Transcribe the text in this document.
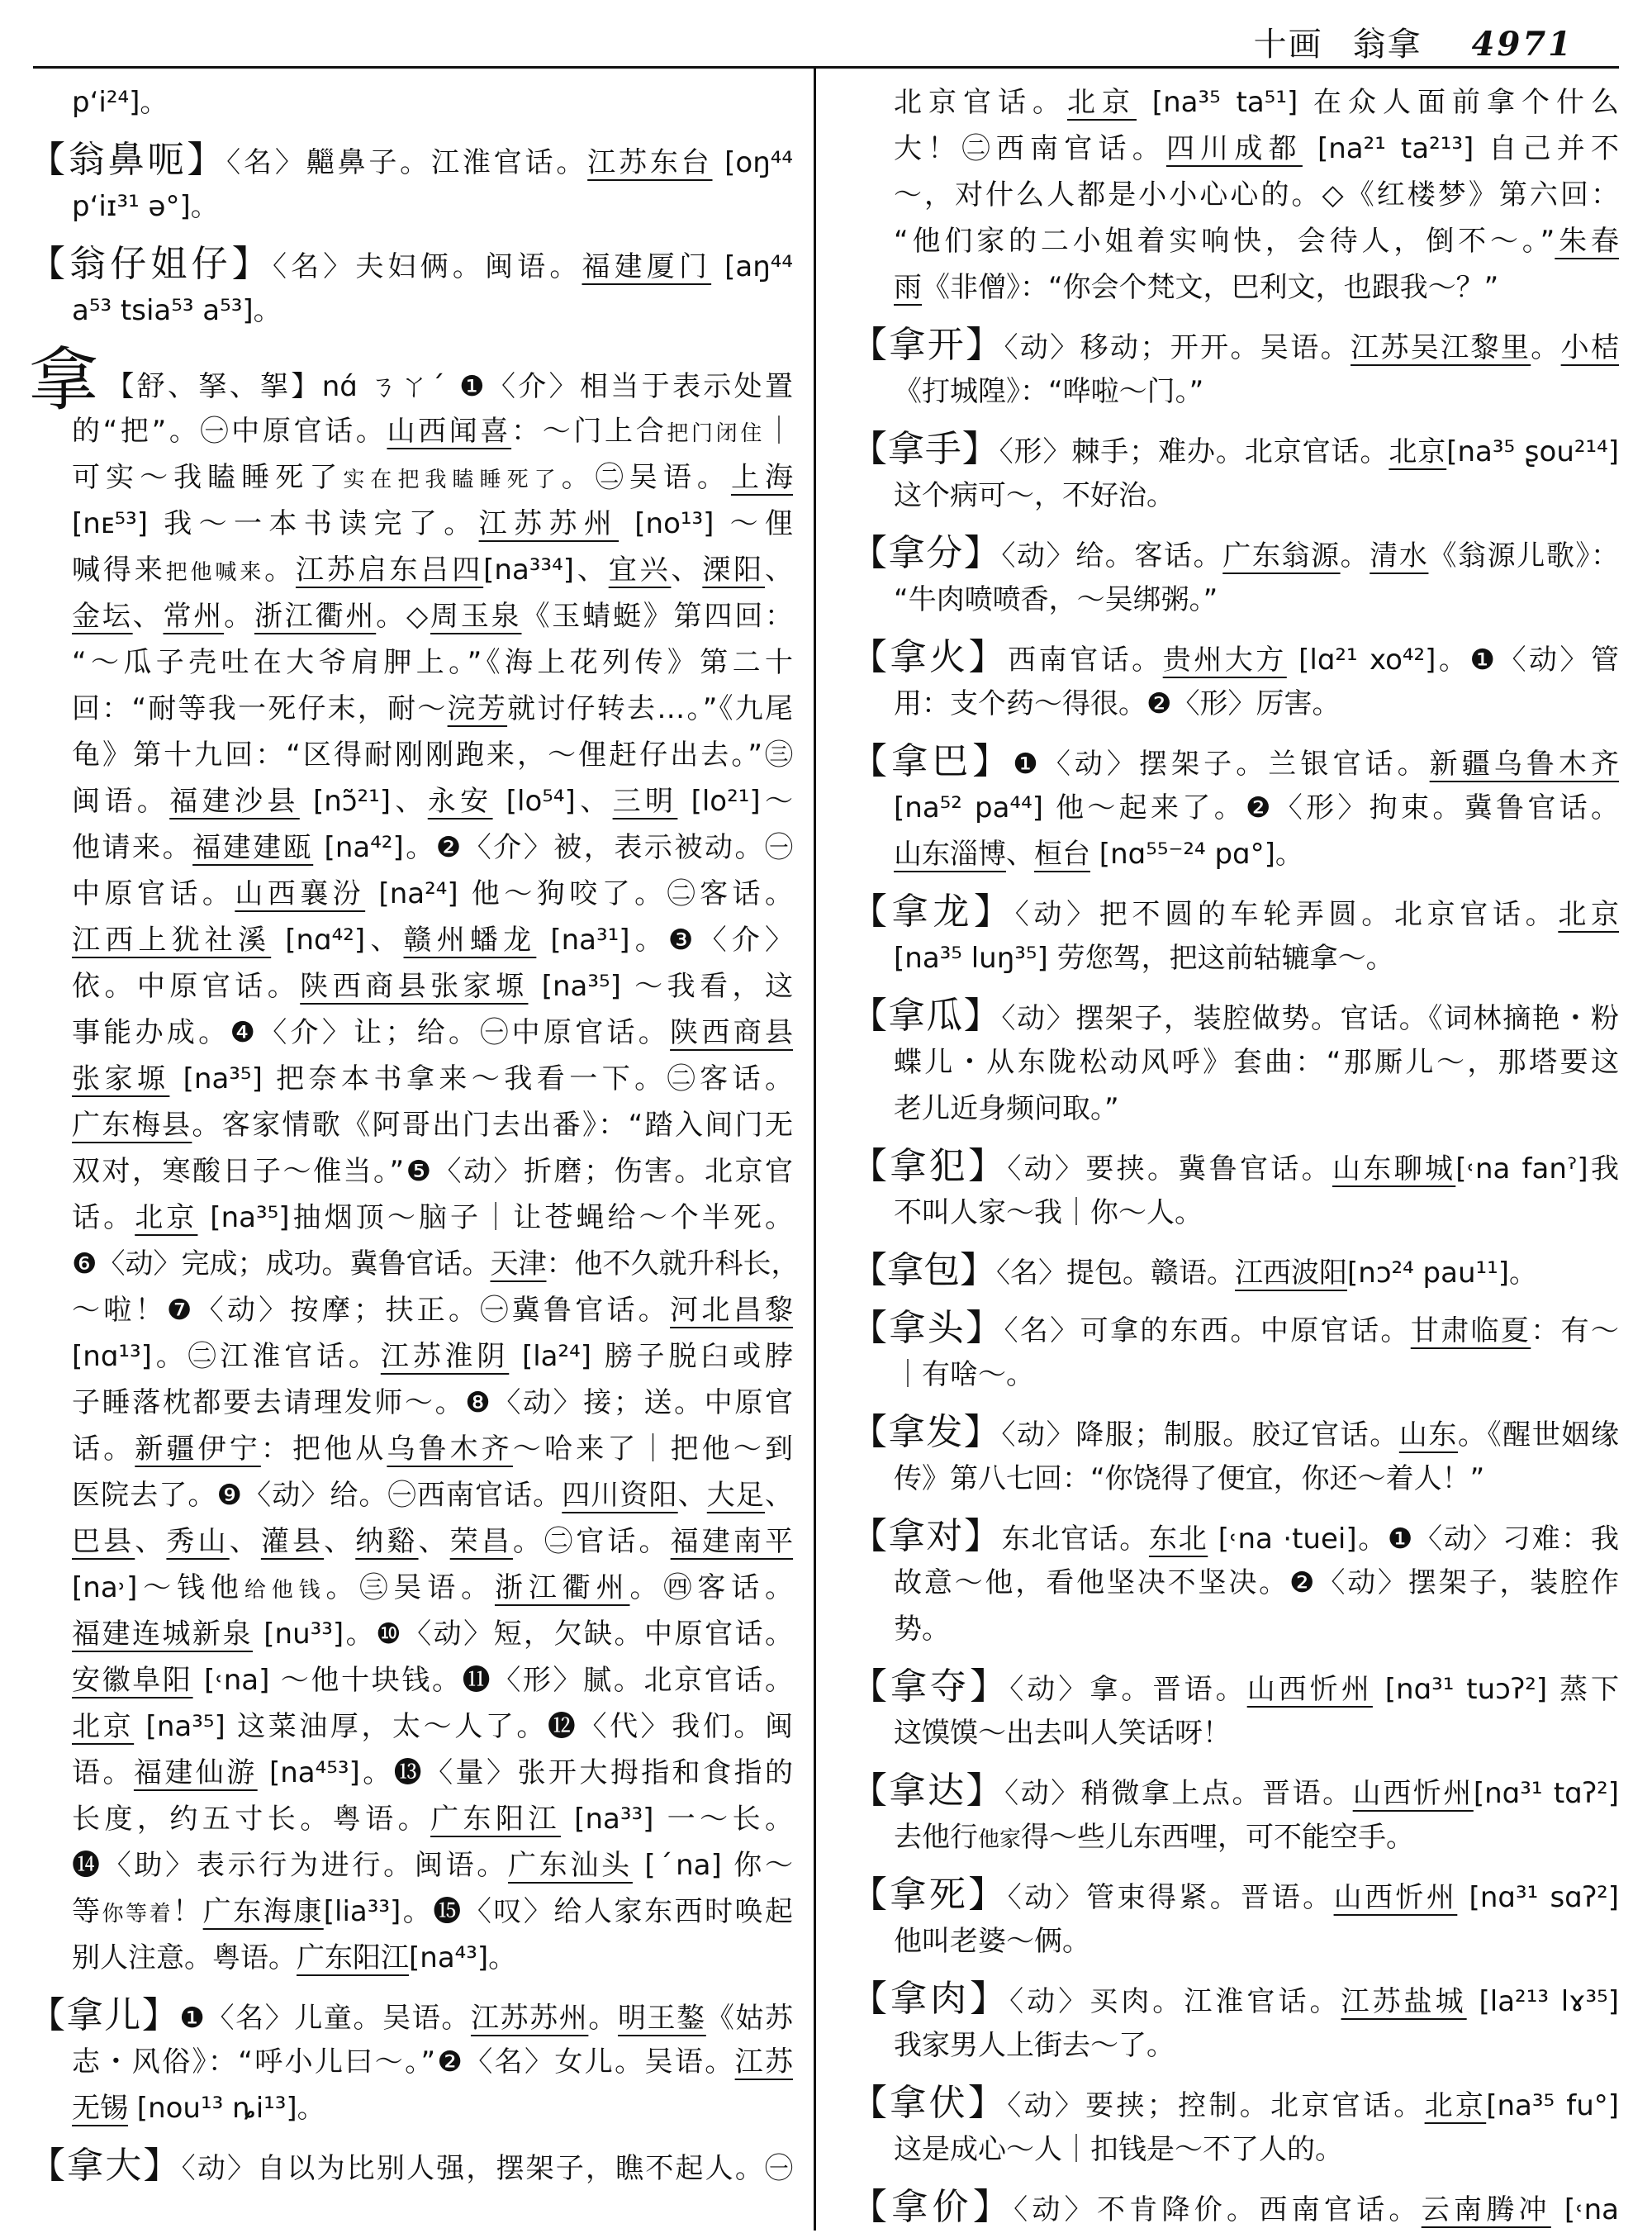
十画 翁拿 4971
p‘i²⁴]。
【翁鼻呃】〈名〉齆鼻子。江淮官话。江苏东台 [oŋ⁴⁴
p‘iɪ³¹ ə°]。
【翁仔姐仔】〈名〉夫妇俩。闽语。福建厦门 [aŋ⁴⁴
a⁵³ tsia⁵³ a⁵³]。
拿 【舒、拏、挐】nɑ́ ㄋㄚˊ ❶〈介〉相当于表示处置
的“把”。㊀中原官话。山西闻喜：～门上合把门闭住｜
可实～我瞌睡死了实在把我瞌睡死了。㊁吴语。上海
[nᴇ⁵³] 我～一本书读完了。江苏苏州 [no¹³] ～俚
喊得来把他喊来。江苏启东吕四[na³³⁴]、宜兴、溧阳、
金坛、常州。浙江衢州。◇周玉泉《玉蜻蜓》第四回：
“～瓜子壳吐在大爷肩胛上。”《海上花列传》第二十
回：“耐等我一死仔末，耐～浣芳就讨仔转去…。”《九尾
龟》第十九回：“区得耐刚刚跑来，～俚赶仔出去。”㊂
闽语。福建沙县 [nɔ̃²¹]、永安 [lo⁵⁴]、三明 [lo²¹]～
他请来。福建建瓯 [na⁴²]。❷〈介〉被，表示被动。㊀
中原官话。山西襄汾 [na²⁴] 他～狗咬了。㊁客话。
江西上犹社溪 [nɑ⁴²]、赣州蟠龙 [na³¹]。❸〈介〉
依。中原官话。陕西商县张家塬 [na³⁵] ～我看，这
事能办成。❹〈介〉让；给。㊀中原官话。陕西商县
张家塬 [na³⁵] 把奈本书拿来～我看一下。㊁客话。
广东梅县。客家情歌《阿哥出门去出番》：“踏入间门无
双对，寒酸日子～倠当。”❺〈动〉折磨；伤害。北京官
话。北京 [na³⁵]抽烟顶～脑子｜让苍蝇给～个半死。
❻〈动〉完成；成功。冀鲁官话。天津：他不久就升科长，
～啦！❼〈动〉按摩；扶正。㊀冀鲁官话。河北昌黎
[nɑ¹³]。㊁江淮官话。江苏淮阴 [la²⁴] 膀子脱臼或脖
子睡落枕都要去请理发师～。❽〈动〉接；送。中原官
话。新疆伊宁：把他从乌鲁木齐～哈来了｜把他～到
医院去了。❾〈动〉给。㊀西南官话。四川资阳、大足、
巴县、秀山、灌县、纳谿、荣昌。㊁官话。福建南平
[na˒]～钱他给他钱。㊂吴语。浙江衢州。㊃客话。
福建连城新泉 [nu³³]。❿〈动〉短，欠缺。中原官话。
安徽阜阳 [˓na] ～他十块钱。⓫〈形〉腻。北京官话。
北京 [na³⁵] 这菜油厚，太～人了。⓬〈代〉我们。闽
语。福建仙游 [na⁴⁵³]。⓭〈量〉张开大拇指和食指的
长度，约五寸长。粤语。广东阳江 [na³³] 一～长。
⓮〈助〉表示行为进行。闽语。广东汕头 [ˊna] 你～
等你等着！广东海康[lia³³]。⓯〈叹〉给人家东西时唤起
别人注意。粤语。广东阳江[na⁴³]。
【拿儿】❶〈名〉儿童。吴语。江苏苏州。明王鏊《姑苏
志・风俗》：“呼小儿曰～。”❷〈名〉女儿。吴语。江苏
无锡 [nou¹³ ȵi¹³]。
【拿大】〈动〉自以为比别人强，摆架子，瞧不起人。㊀
北京官话。北京 [na³⁵ ta⁵¹] 在众人面前拿个什么
大！㊁西南官话。四川成都 [na²¹ ta²¹³] 自己并不
～，对什么人都是小小心心的。◇《红楼梦》第六回：
“他们家的二小姐着实响快，会待人，倒不～。”朱春
雨《非僧》：“你会个梵文，巴利文，也跟我～？”
【拿开】〈动〉移动；开开。吴语。江苏吴江黎里。小桔
《打城隍》：“哗啦～门。”
【拿手】〈形〉棘手；难办。北京官话。北京[na³⁵ ʂou²¹⁴]
这个病可～，不好治。
【拿分】〈动〉给。客话。广东翁源。清水《翁源儿歌》：
“牛肉喷喷香，～吴绑粥。”
【拿火】西南官话。贵州大方 [lɑ²¹ xo⁴²]。❶〈动〉管
用：支个药～得很。❷〈形〉厉害。
【拿巴】❶〈动〉摆架子。兰银官话。新疆乌鲁木齐
[na⁵² pa⁴⁴] 他～起来了。❷〈形〉拘束。冀鲁官话。
山东淄博、桓台 [nɑ⁵⁵⁻²⁴ pɑ°]。
【拿龙】〈动〉把不圆的车轮弄圆。北京官话。北京
[na³⁵ luŋ³⁵] 劳您驾，把这前轱辘拿～。
【拿瓜】〈动〉摆架子，装腔做势。官话。《词林摘艳・粉
蝶儿・从东陇松动风呼》套曲：“那厮儿～，那塔要这
老儿近身频问取。”
【拿犯】〈动〉要挟。冀鲁官话。山东聊城[˓na fanˀ]我
不叫人家～我｜你～人。
【拿包】〈名〉提包。赣语。江西波阳[nɔ²⁴ pau¹¹]。
【拿头】〈名〉可拿的东西。中原官话。甘肃临夏：有～
｜有啥～。
【拿发】〈动〉降服；制服。胶辽官话。山东。《醒世姻缘
传》第八七回：“你饶得了便宜，你还～着人！”
【拿对】东北官话。东北 [˓na ·tuei]。❶〈动〉刁难：我
故意～他，看他坚决不坚决。❷〈动〉摆架子，装腔作
势。
【拿夺】〈动〉拿。晋语。山西忻州 [nɑ³¹ tuɔʔ²] 蒸下
这馍馍～出去叫人笑话呀！
【拿达】〈动〉稍微拿上点。晋语。山西忻州[nɑ³¹ tɑʔ²]
去他行他家得～些儿东西哩，可不能空手。
【拿死】〈动〉管束得紧。晋语。山西忻州 [nɑ³¹ sɑʔ²]
他叫老婆～俩。
【拿肉】〈动〉买肉。江淮官话。江苏盐城 [la²¹³ lɤ³⁵]
我家男人上街去～了。
【拿伏】〈动〉要挟；控制。北京官话。北京[na³⁵ fu°]
这是成心～人｜扣钱是～不了人的。
【拿价】〈动〉不肯降价。西南官话。云南腾冲 [˓na
